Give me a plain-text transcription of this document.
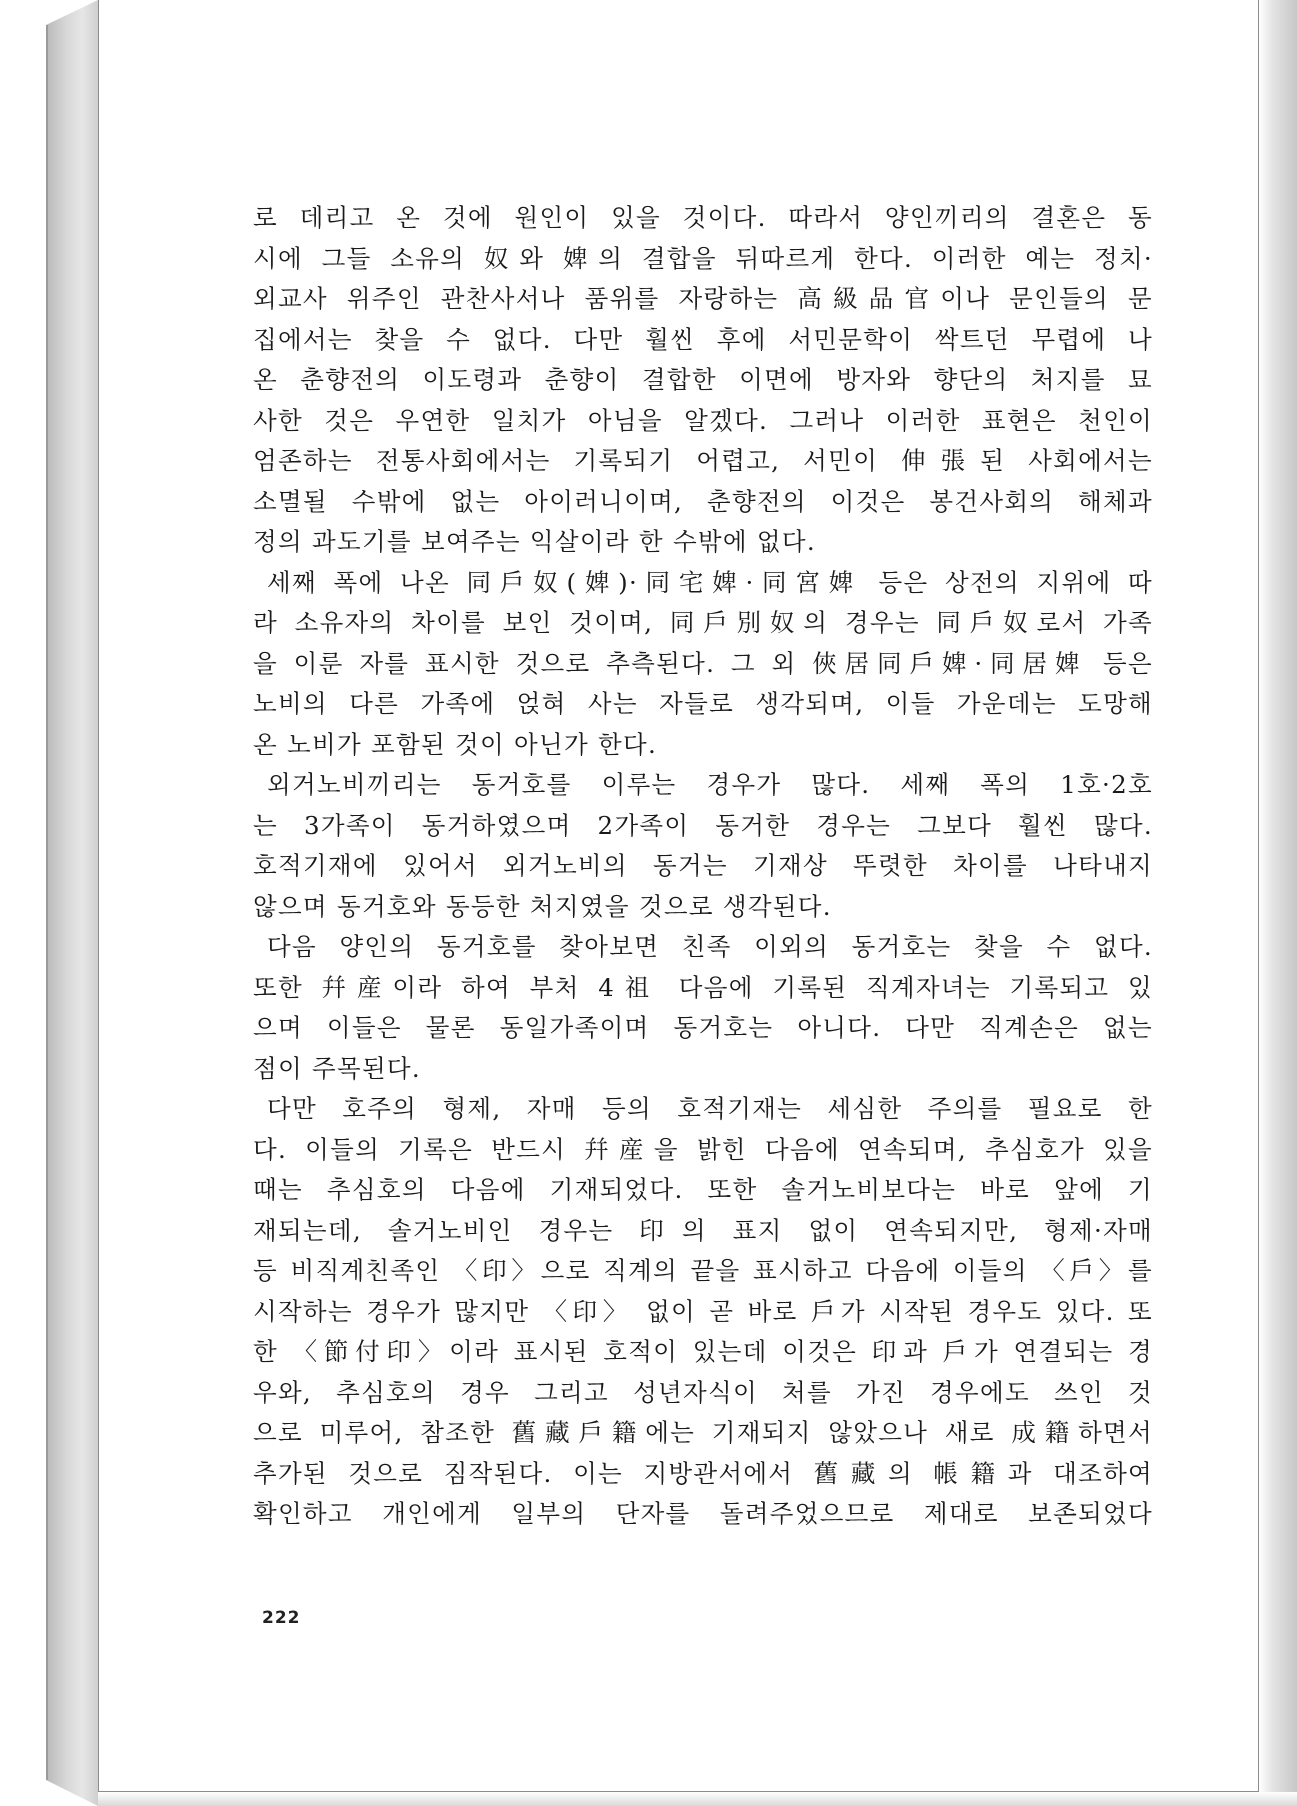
로 데리고 온 것에 원인이 있을 것이다. 따라서 양인끼리의 결혼은 동
시에 그들 소유의 奴와 婢의 결합을 뒤따르게 한다. 이러한 예는 정치·
외교사 위주인 관찬사서나 품위를 자랑하는 高級品官이나 문인들의 문
집에서는 찾을 수 없다. 다만 훨씬 후에 서민문학이 싹트던 무렵에 나
온 춘향전의 이도령과 춘향이 결합한 이면에 방자와 향단의 처지를 묘
사한 것은 우연한 일치가 아님을 알겠다. 그러나 이러한 표현은 천인이
엄존하는 전통사회에서는 기록되기 어렵고, 서민이 伸張된 사회에서는
소멸될 수밖에 없는 아이러니이며, 춘향전의 이것은 봉건사회의 해체과
정의 과도기를 보여주는 익살이라 한 수밖에 없다.
세째 폭에 나온 同戶奴(婢)·同宅婢·同宮婢 등은 상전의 지위에 따
라 소유자의 차이를 보인 것이며, 同戶別奴의 경우는 同戶奴로서 가족
을 이룬 자를 표시한 것으로 추측된다. 그 외 俠居同戶婢·同居婢 등은
노비의 다른 가족에 얹혀 사는 자들로 생각되며, 이들 가운데는 도망해
온 노비가 포함된 것이 아닌가 한다.
외거노비끼리는 동거호를 이루는 경우가 많다. 세째 폭의 1호·2호
는 3가족이 동거하였으며 2가족이 동거한 경우는 그보다 훨씬 많다.
호적기재에 있어서 외거노비의 동거는 기재상 뚜렷한 차이를 나타내지
않으며 동거호와 동등한 처지였을 것으로 생각된다.
다음 양인의 동거호를 찾아보면 친족 이외의 동거호는 찾을 수 없다.
또한 幷産이라 하여 부처 4祖 다음에 기록된 직계자녀는 기록되고 있
으며 이들은 물론 동일가족이며 동거호는 아니다. 다만 직계손은 없는
점이 주목된다.
다만 호주의 형제, 자매 등의 호적기재는 세심한 주의를 필요로 한
다. 이들의 기록은 반드시 幷産을 밝힌 다음에 연속되며, 추심호가 있을
때는 추심호의 다음에 기재되었다. 또한 솔거노비보다는 바로 앞에 기
재되는데, 솔거노비인 경우는 印의 표지 없이 연속되지만, 형제·자매
등 비직계친족인 〈印〉으로 직계의 끝을 표시하고 다음에 이들의 〈戶〉를
시작하는 경우가 많지만 〈印〉 없이 곧 바로 戶가 시작된 경우도 있다. 또
한 〈節付印〉이라 표시된 호적이 있는데 이것은 印과 戶가 연결되는 경
우와, 추심호의 경우 그리고 성년자식이 처를 가진 경우에도 쓰인 것
으로 미루어, 참조한 舊藏戶籍에는 기재되지 않았으나 새로 成籍하면서
추가된 것으로 짐작된다. 이는 지방관서에서 舊藏의 帳籍과 대조하여
확인하고 개인에게 일부의 단자를 돌려주었으므로 제대로 보존되었다
222
